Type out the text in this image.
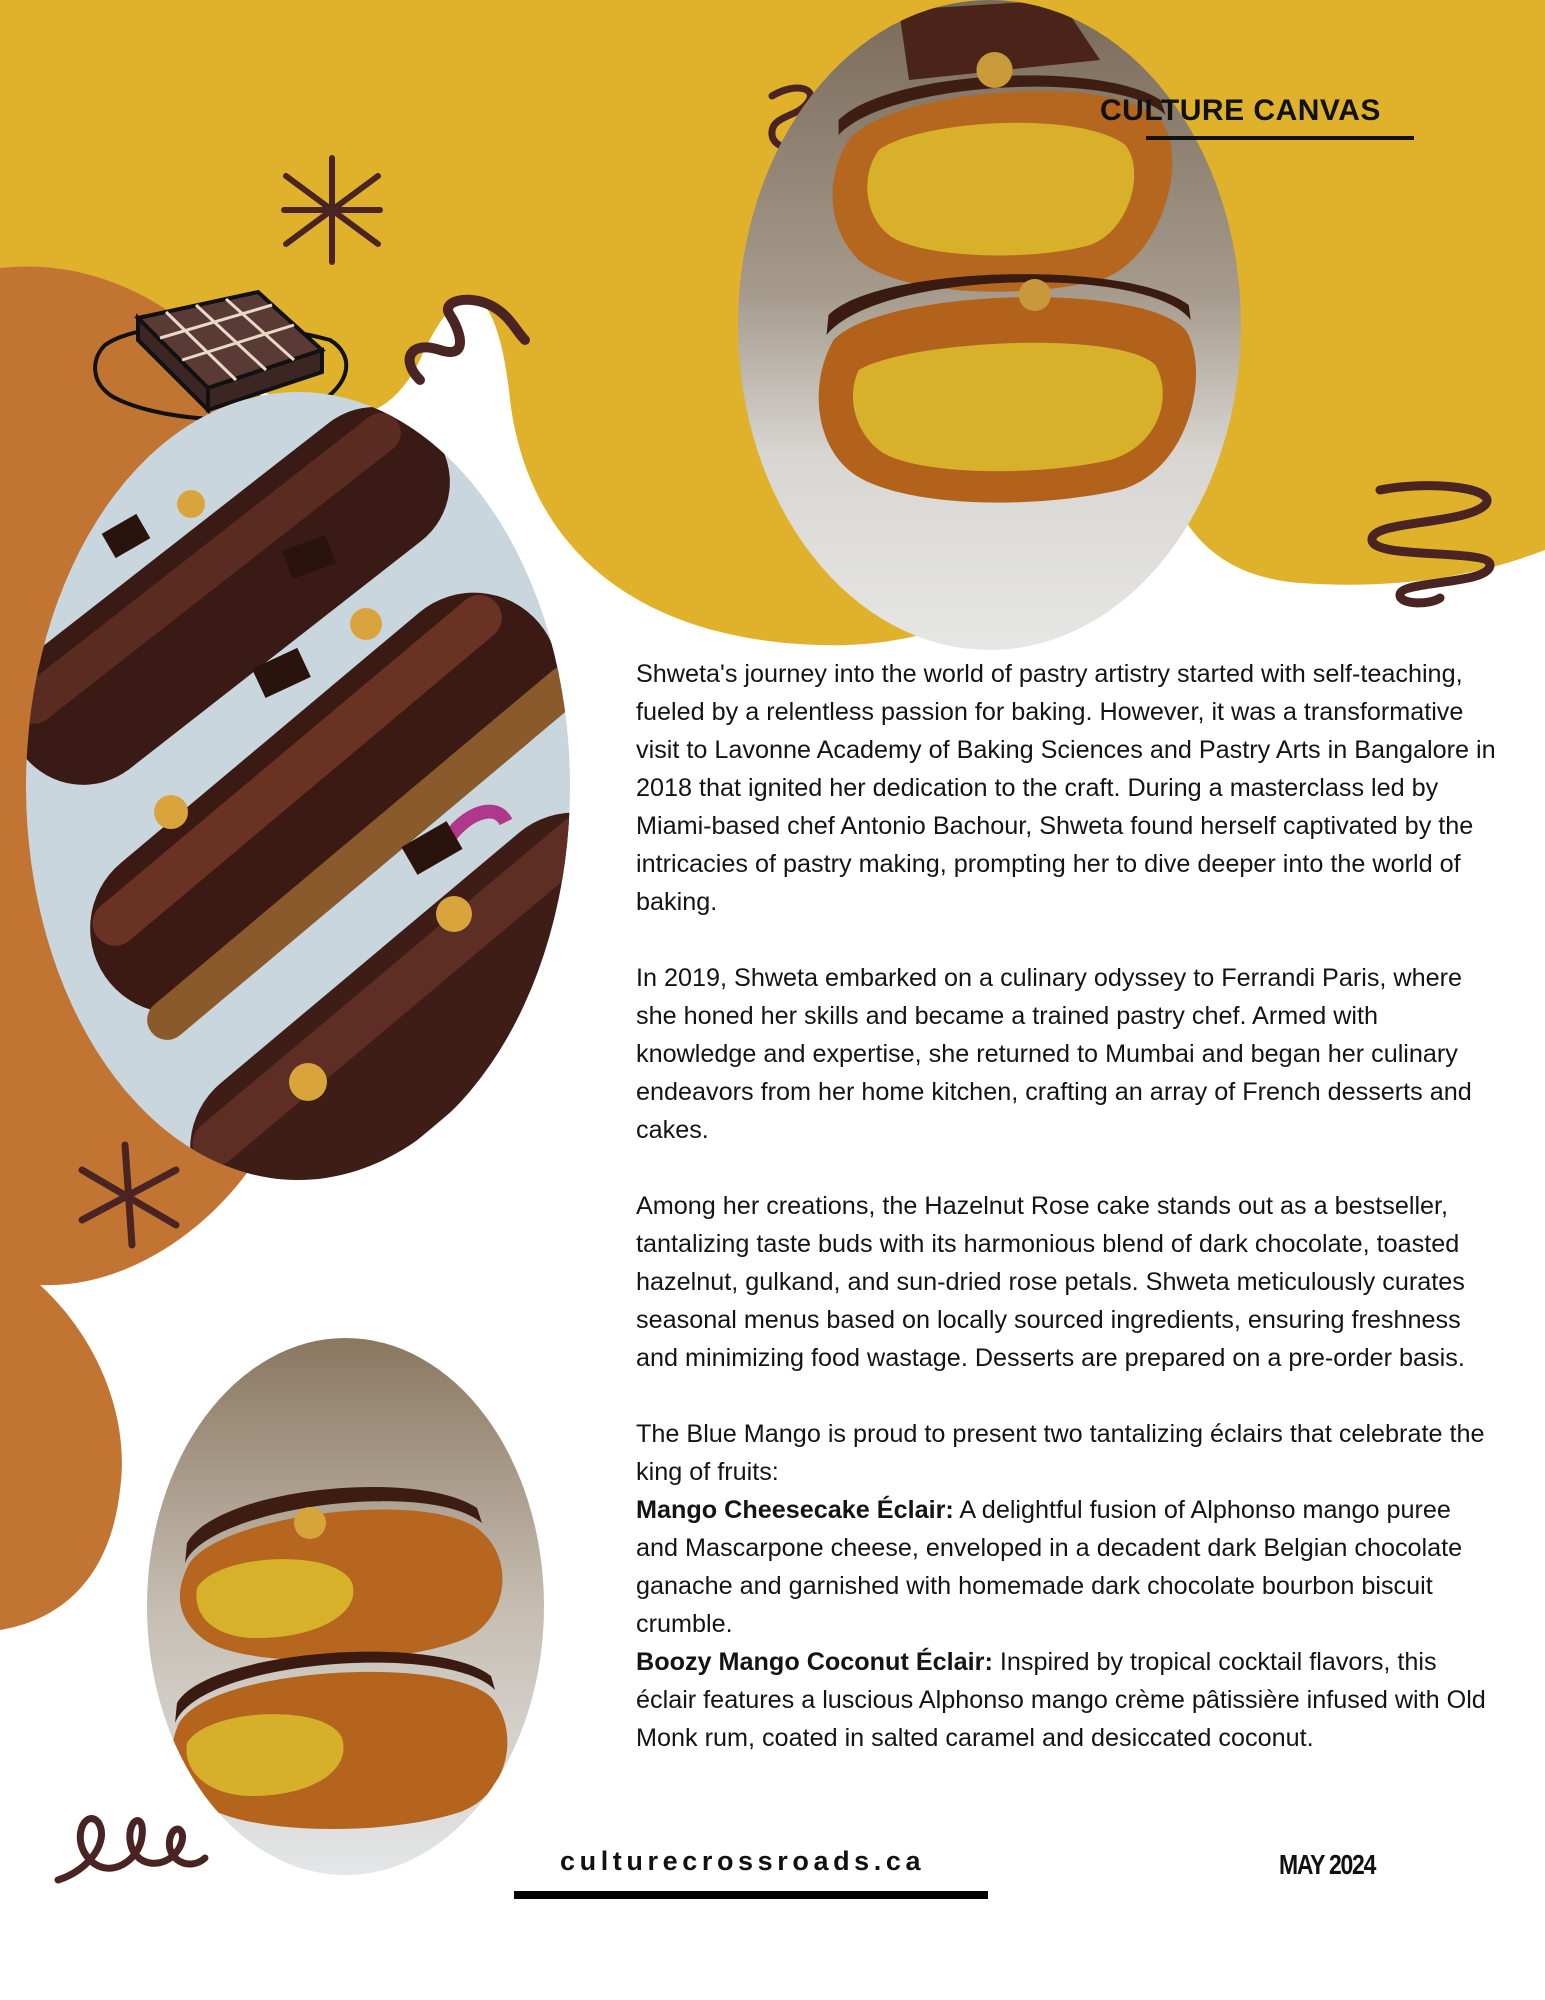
CULTURE CANVAS

Shweta's journey into the world of pastry artistry started with self-teaching, fueled by a relentless passion for baking. However, it was a transformative visit to Lavonne Academy of Baking Sciences and Pastry Arts in Bangalore in 2018 that ignited her dedication to the craft. During a masterclass led by Miami-based chef Antonio Bachour, Shweta found herself captivated by the intricacies of pastry making, prompting her to dive deeper into the world of baking.

In 2019, Shweta embarked on a culinary odyssey to Ferrandi Paris, where she honed her skills and became a trained pastry chef. Armed with knowledge and expertise, she returned to Mumbai and began her culinary endeavors from her home kitchen, crafting an array of French desserts and cakes.

Among her creations, the Hazelnut Rose cake stands out as a bestseller, tantalizing taste buds with its harmonious blend of dark chocolate, toasted hazelnut, gulkand, and sun-dried rose petals. Shweta meticulously curates seasonal menus based on locally sourced ingredients, ensuring freshness and minimizing food wastage. Desserts are prepared on a pre-order basis.

The Blue Mango is proud to present two tantalizing éclairs that celebrate the king of fruits:

Mango Cheesecake Éclair: A delightful fusion of Alphonso mango puree and Mascarpone cheese, enveloped in a decadent dark Belgian chocolate ganache and garnished with homemade dark chocolate bourbon biscuit crumble.

Boozy Mango Coconut Éclair: Inspired by tropical cocktail flavors, this éclair features a luscious Alphonso mango crème pâtissière infused with Old Monk rum, coated in salted caramel and desiccated coconut.

culturecrossroads.ca	MAY 2024
